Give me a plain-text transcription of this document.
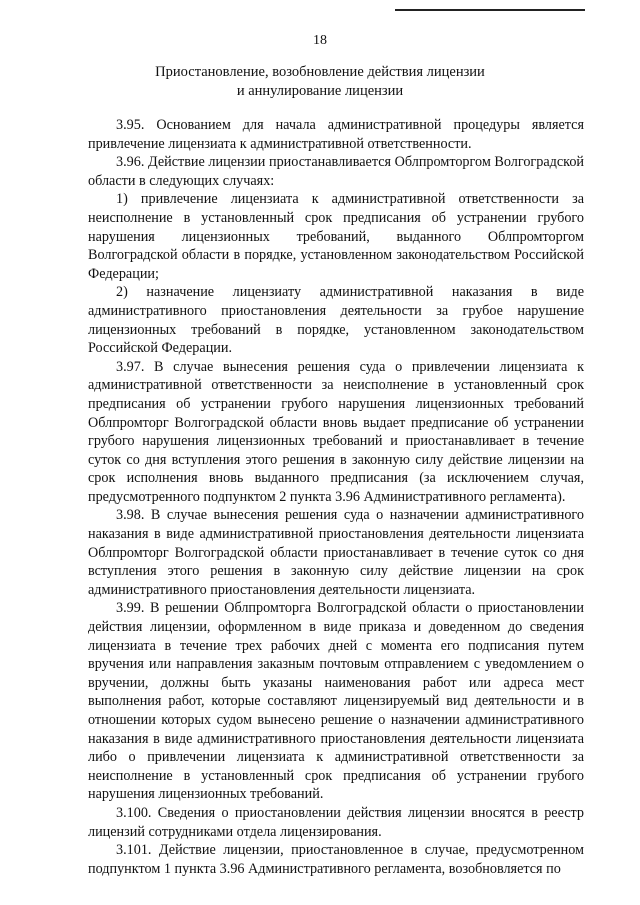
18
Приостановление, возобновление действия лицензии
и аннулирование лицензии

3.95. Основанием для начала административной процедуры является привлечение лицензиата к административной ответственности.

3.96. Действие лицензии приостанавливается Облпромторгом Волгоградской области в следующих случаях:

1) привлечение лицензиата к административной ответственности за неисполнение в установленный срок предписания об устранении грубого нарушения лицензионных требований, выданного Облпромторгом Волгоградской области в порядке, установленном законодательством Российской Федерации;

2) назначение лицензиату административной наказания в виде административного приостановления деятельности за грубое нарушение лицензионных требований в порядке, установленном законодательством Российской Федерации.

3.97. В случае вынесения решения суда о привлечении лицензиата к административной ответственности за неисполнение в установленный срок предписания об устранении грубого нарушения лицензионных требований Облпромторг Волгоградской области вновь выдает предписание об устранении грубого нарушения лицензионных требований и приостанавливает в течение суток со дня вступления этого решения в законную силу действие лицензии на срок исполнения вновь выданного предписания (за исключением случая, предусмотренного подпунктом 2 пункта 3.96 Административного регламента).

3.98. В случае вынесения решения суда о назначении административного наказания в виде административной приостановления деятельности лицензиата Облпромторг Волгоградской области приостанавливает в течение суток со дня вступления этого решения в законную силу действие лицензии на срок административного приостановления деятельности лицензиата.

3.99. В решении Облпромторга Волгоградской области о приостановлении действия лицензии, оформленном в виде приказа и доведенном до сведения лицензиата в течение трех рабочих дней с момента его подписания путем вручения или направления заказным почтовым отправлением с уведомлением о вручении, должны быть указаны наименования работ или адреса мест выполнения работ, которые составляют лицензируемый вид деятельности и в отношении которых судом вынесено решение о назначении административного наказания в виде административного приостановления деятельности лицензиата либо о привлечении лицензиата к административной ответственности за неисполнение в установленный срок предписания об устранении грубого нарушения лицензионных требований.

3.100. Сведения о приостановлении действия лицензии вносятся в реестр лицензий сотрудниками отдела лицензирования.

3.101. Действие лицензии, приостановленное в случае, предусмотренном подпунктом 1 пункта 3.96 Административного регламента, возобновляется по
